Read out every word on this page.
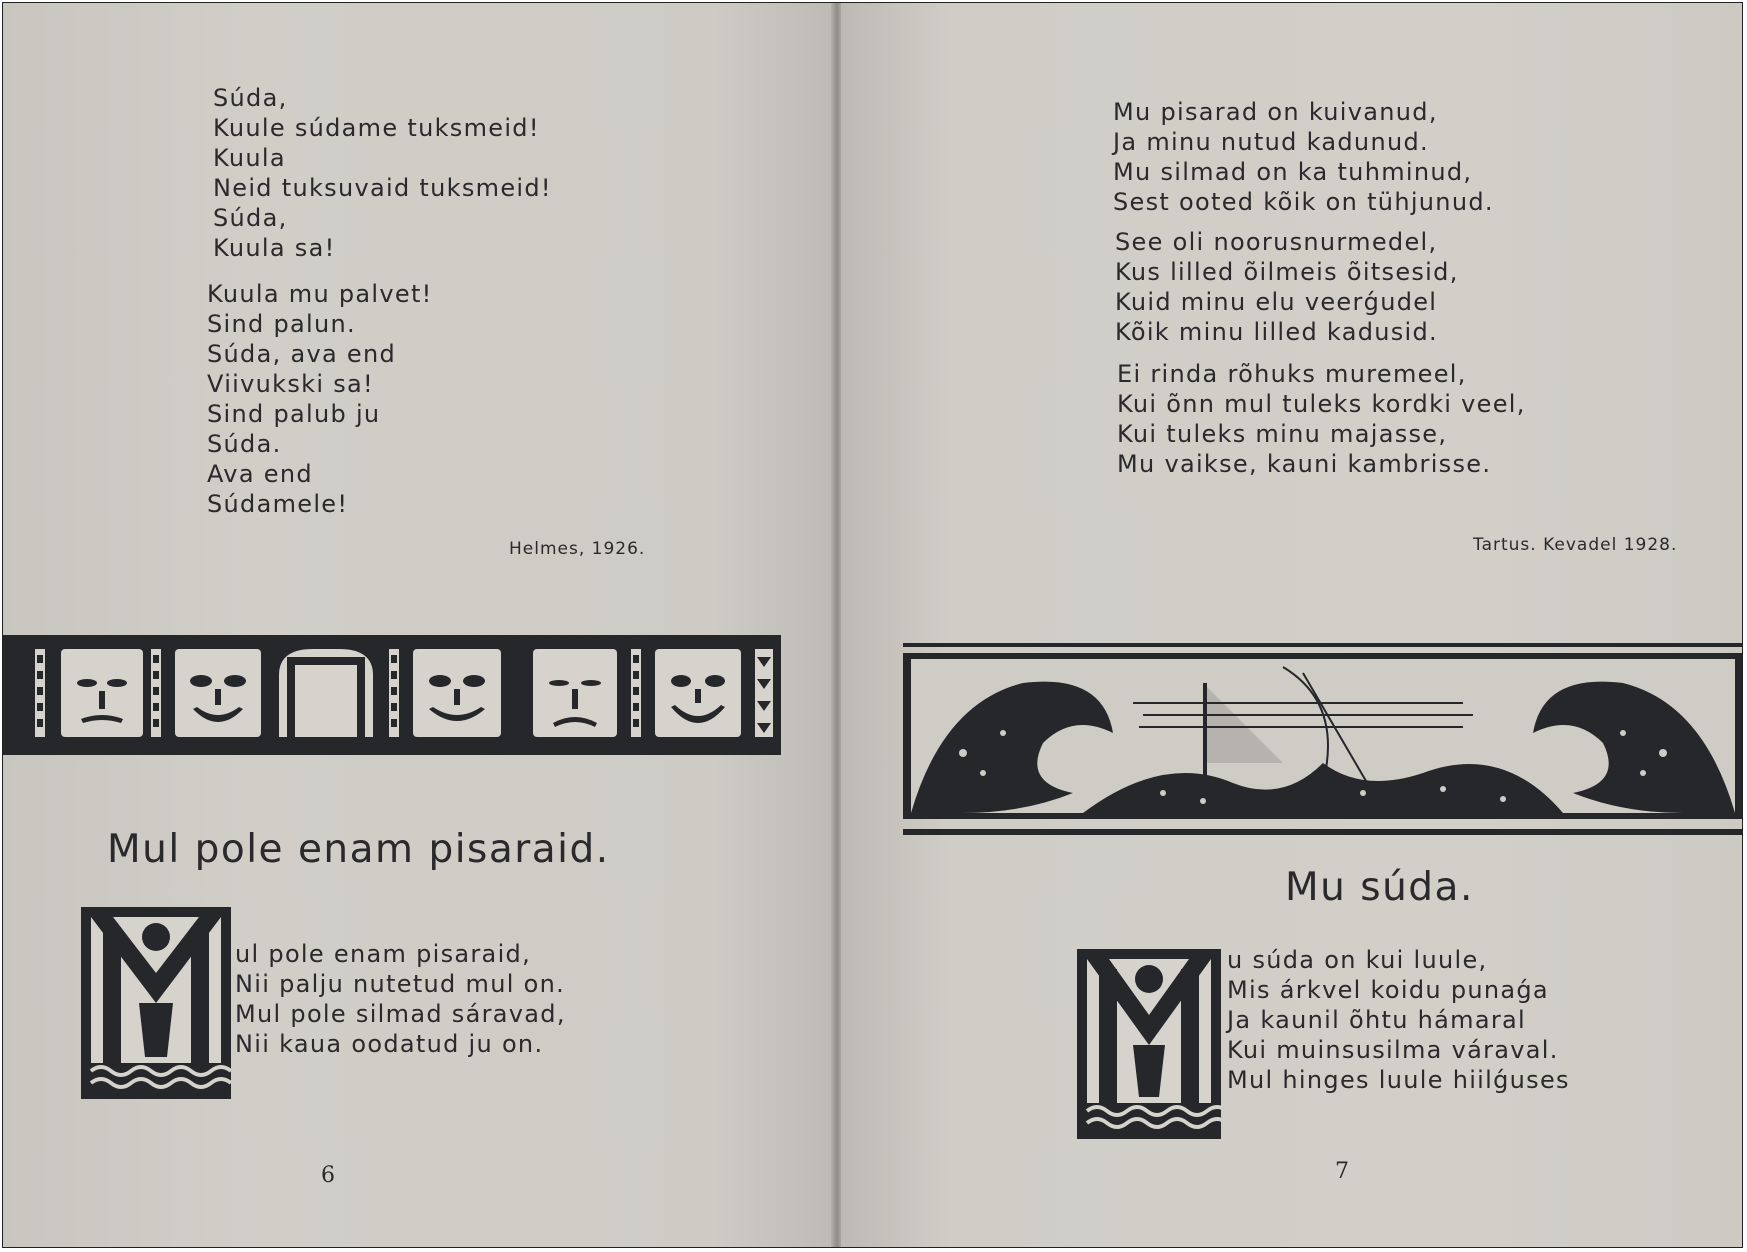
Súda,
Kuule súdame tuksmeid!
Kuula
Neid tuksuvaid tuksmeid!
Súda,
Kuula sa!
Kuula mu palvet!
Sind palun.
Súda, ava end
Viivukski sa!
Sind palub ju
Súda.
Ava end
Súdamele!
Helmes, 1926.
Mul pole enam pisaraid.
ul pole enam pisaraid,
Nii palju nutetud mul on.
Mul pole silmad sáravad,
Nii kaua oodatud ju on.
6
Mu pisarad on kuivanud,
Ja minu nutud kadunud.
Mu silmad on ka tuhminud,
Sest ooted kõik on tühjunud.
See oli noorusnurmedel,
Kus lilled õilmeis õitsesid,
Kuid minu elu veerǵudel
Kõik minu lilled kadusid.
Ei rinda rõhuks muremeel,
Kui õnn mul tuleks kordki veel,
Kui tuleks minu majasse,
Mu vaikse, kauni kambrisse.
Tartus. Kevadel 1928.
Mu súda.
u súda on kui luule,
Mis árkvel koidu punaǵa
Ja kaunil õhtu hámaral
Kui muinsusilma váraval.
Mul hinges luule hiilǵuses
7
